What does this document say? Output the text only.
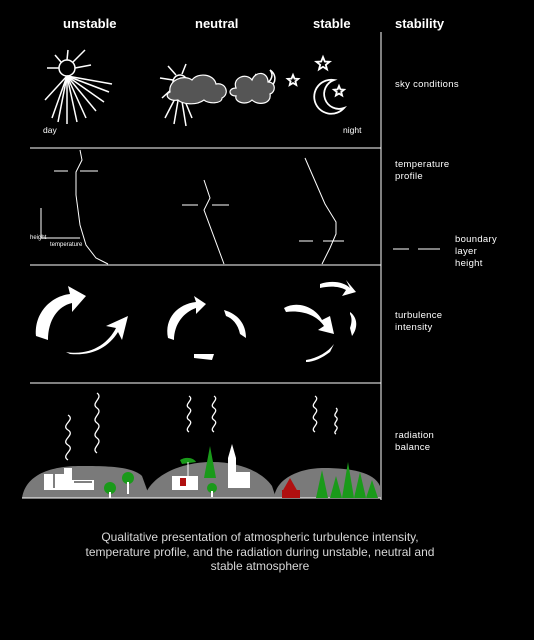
unstable	neutral	stable	stability
day	night
height
temperature
sky conditions
temperature
profile
boundary
layer
height
turbulence
intensity
radiation
balance
Qualitative presentation of atmospheric turbulence intensity,
temperature profile, and the radiation during unstable, neutral and
stable atmosphere
